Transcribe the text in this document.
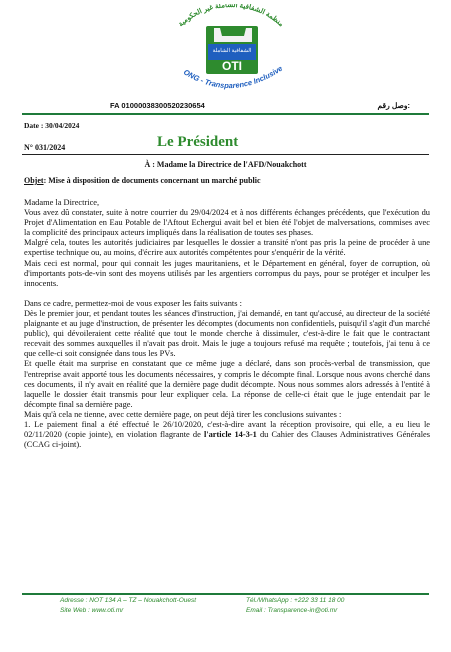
منظمة الشفافية الشاملة غير الحكومية
الشفافية الشاملة
OTI
ONG - Transparence Inclusive
FA 01000038300520230654	وصل رقم:
Date : 30/04/2024
N° 031/2024	Le Président
À : Madame la Directrice de l'AFD/Nouakchott
Objet: Mise à disposition de documents concernant un marché public

Madame la Directrice,

Vous avez dû constater, suite à notre courrier du 29/04/2024 et à nos différents échanges précédents, que l'exécution du Projet d'Alimentation en Eau Potable de l'Aftout Echergui avait bel et bien été l'objet de malversations, commises avec la complicité des principaux acteurs impliqués dans la réalisation de toutes ses phases.

Malgré cela, toutes les autorités judiciaires par lesquelles le dossier a transité n'ont pas pris la peine de procéder à une expertise technique ou, au moins, d'écrire aux autorités compétentes pour s'enquérir de la vérité.

Mais ceci est normal, pour qui connait les juges mauritaniens, et le Département en général, foyer de corruption, où d'importants pots-de-vin sont des moyens utilisés par les argentiers corrompus du pays, pour se protéger et inculper les innocents.

Dans ce cadre, permettez-moi de vous exposer les faits suivants :

Dès le premier jour, et pendant toutes les séances d'instruction, j'ai demandé, en tant qu'accusé, au directeur de la société plaignante et au juge d'instruction, de présenter les décomptes (documents non confidentiels, puisqu'il s'agit d'un marché public), qui dévoileraient cette réalité que tout le monde cherche à dissimuler, c'est-à-dire le fait que le contractant recevait des sommes auxquelles il n'avait pas droit. Mais le juge a toujours refusé ma requête ; toutefois, j'ai tenu à ce que celle-ci soit consignée dans tous les PVs.

Et quelle était ma surprise en constatant que ce même juge a déclaré, dans son procès-verbal de transmission, que l'entreprise avait apporté tous les documents nécessaires, y compris le décompte final. Lorsque nous avons cherché dans ces documents, il n'y avait en réalité que la dernière page dudit décompte. Nous nous sommes alors adressés à l'entité à laquelle le dossier était transmis pour leur expliquer cela. La réponse de celle-ci était que le juge entendait par le décompte final sa dernière page.

Mais qu'à cela ne tienne, avec cette dernière page, on peut déjà tirer les conclusions suivantes :

1. Le paiement final a été effectué le 26/10/2020, c'est-à-dire avant la réception provisoire, qui elle, a eu lieu le 02/11/2020 (copie jointe), en violation flagrante de l'article 14-3-1 du Cahier des Clauses Administratives Générales (CCAG ci-joint).

Adresse : NOT 134 A – TZ – Nouakchott-Ouest	Tél./WhatsApp : +222 33 11 18 00
Site Web : www.oti.mr	Email : Transparence-in@oti.mr
